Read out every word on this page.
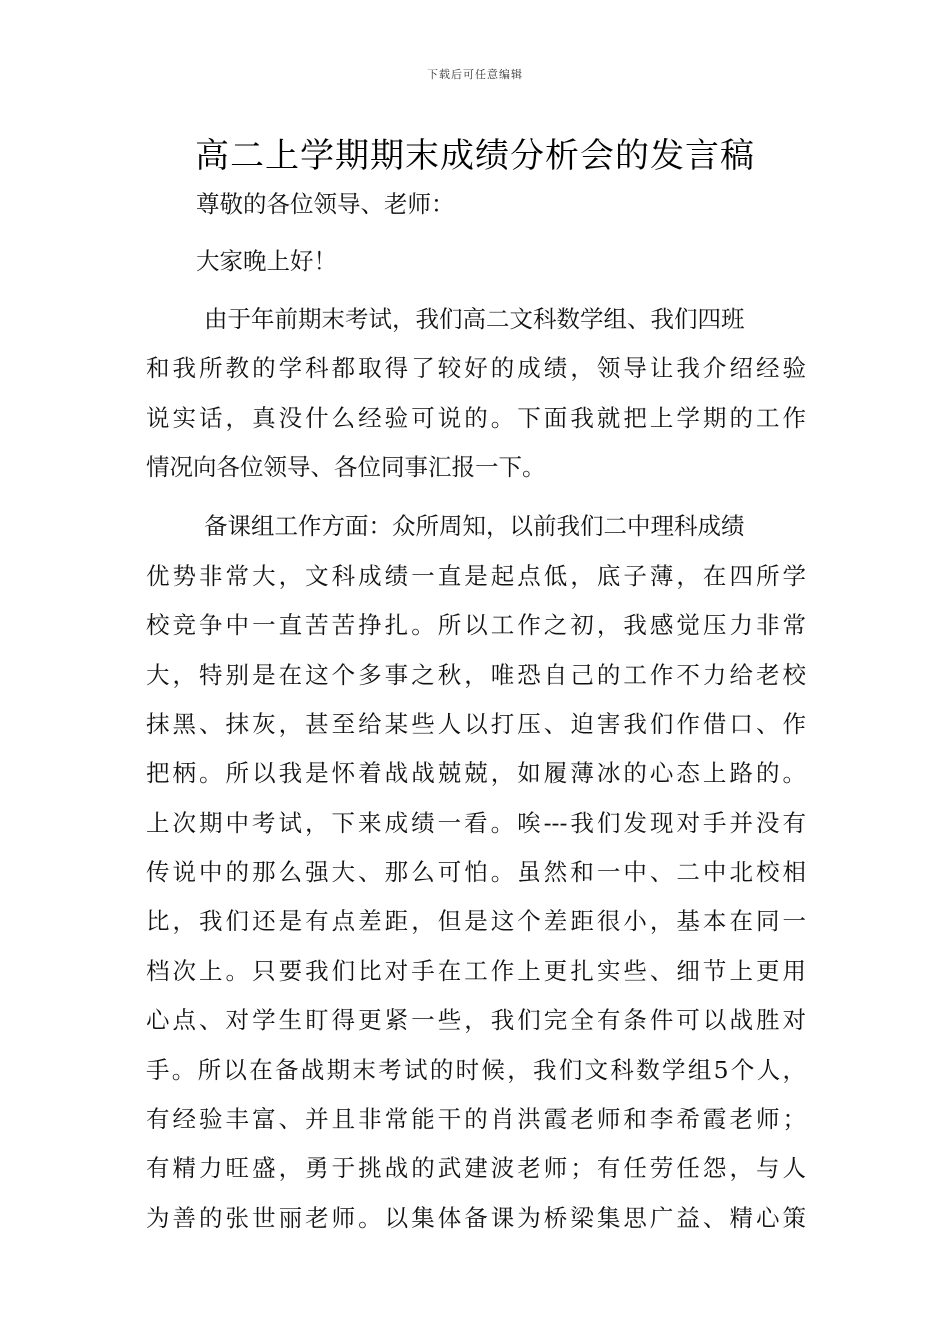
下载后可任意编辑
高二上学期期末成绩分析会的发言稿
尊敬的各位领导、老师：
大家晚上好！
由于年前期末考试，我们高二文科数学组、我们四班
和我所教的学科都取得了较好的成绩，领导让我介绍经验
说实话，真没什么经验可说的。下面我就把上学期的工作
情况向各位领导、各位同事汇报一下。
备课组工作方面：众所周知，以前我们二中理科成绩
优势非常大，文科成绩一直是起点低，底子薄，在四所学
校竞争中一直苦苦挣扎。所以工作之初，我感觉压力非常
大，特别是在这个多事之秋，唯恐自己的工作不力给老校
抹黑、抹灰，甚至给某些人以打压、迫害我们作借口、作
把柄。所以我是怀着战战兢兢，如履薄冰的心态上路的。
上次期中考试，下来成绩一看。唉---我们发现对手并没有
传说中的那么强大、那么可怕。虽然和一中、二中北校相
比，我们还是有点差距，但是这个差距很小，基本在同一
档次上。只要我们比对手在工作上更扎实些、细节上更用
心点、对学生盯得更紧一些，我们完全有条件可以战胜对
手。所以在备战期末考试的时候，我们文科数学组5个人，
有经验丰富、并且非常能干的肖洪霞老师和李希霞老师；
有精力旺盛，勇于挑战的武建波老师；有任劳任怨，与人
为善的张世丽老师。以集体备课为桥梁集思广益、精心策
